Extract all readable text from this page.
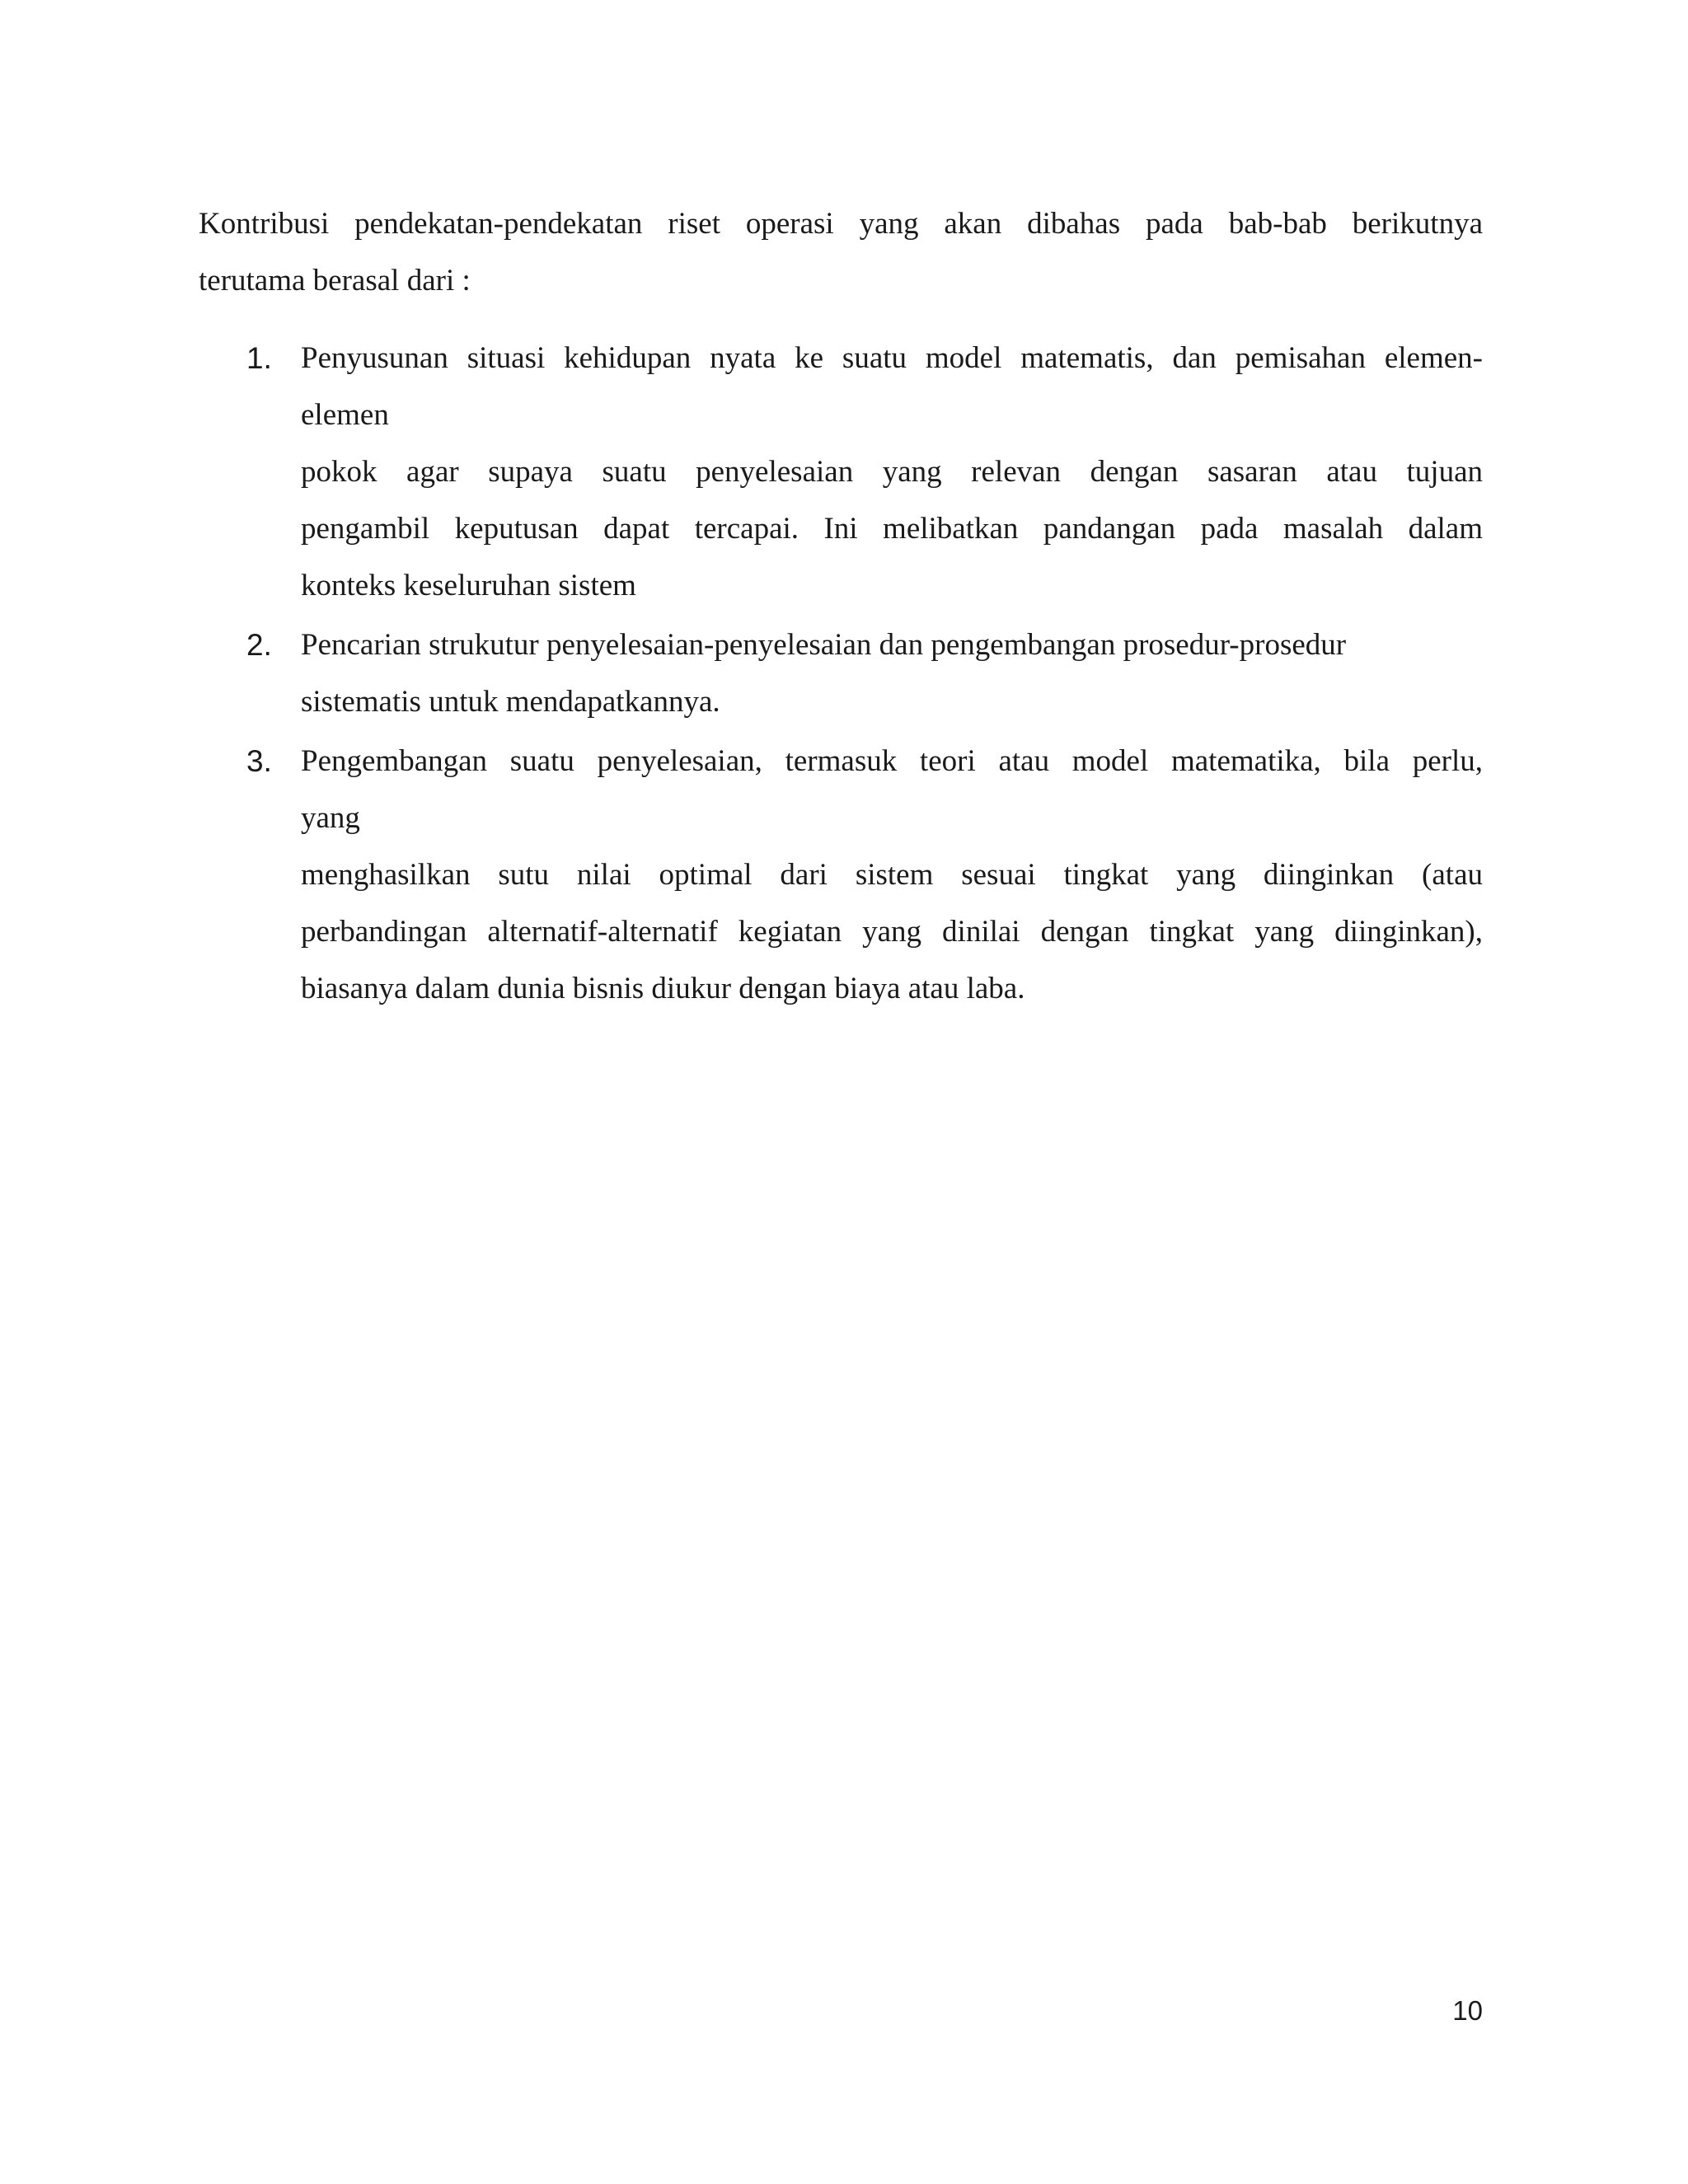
Kontribusi pendekatan-pendekatan riset operasi yang akan dibahas pada bab-bab berikutnya
terutama berasal dari :

1. Penyusunan situasi kehidupan nyata ke suatu model matematis, dan pemisahan elemen-
elemen
pokok agar supaya suatu penyelesaian yang relevan dengan sasaran atau tujuan
pengambil keputusan dapat tercapai. Ini melibatkan pandangan pada masalah dalam
konteks keseluruhan sistem
2. Pencarian strukutur penyelesaian-penyelesaian dan pengembangan prosedur-prosedur
sistematis untuk mendapatkannya.
3. Pengembangan suatu penyelesaian, termasuk teori atau model matematika, bila perlu,
yang
menghasilkan sutu nilai optimal dari sistem sesuai tingkat yang diinginkan (atau
perbandingan alternatif-alternatif kegiatan yang dinilai dengan tingkat yang diinginkan),
biasanya dalam dunia bisnis diukur dengan biaya atau laba.
10
